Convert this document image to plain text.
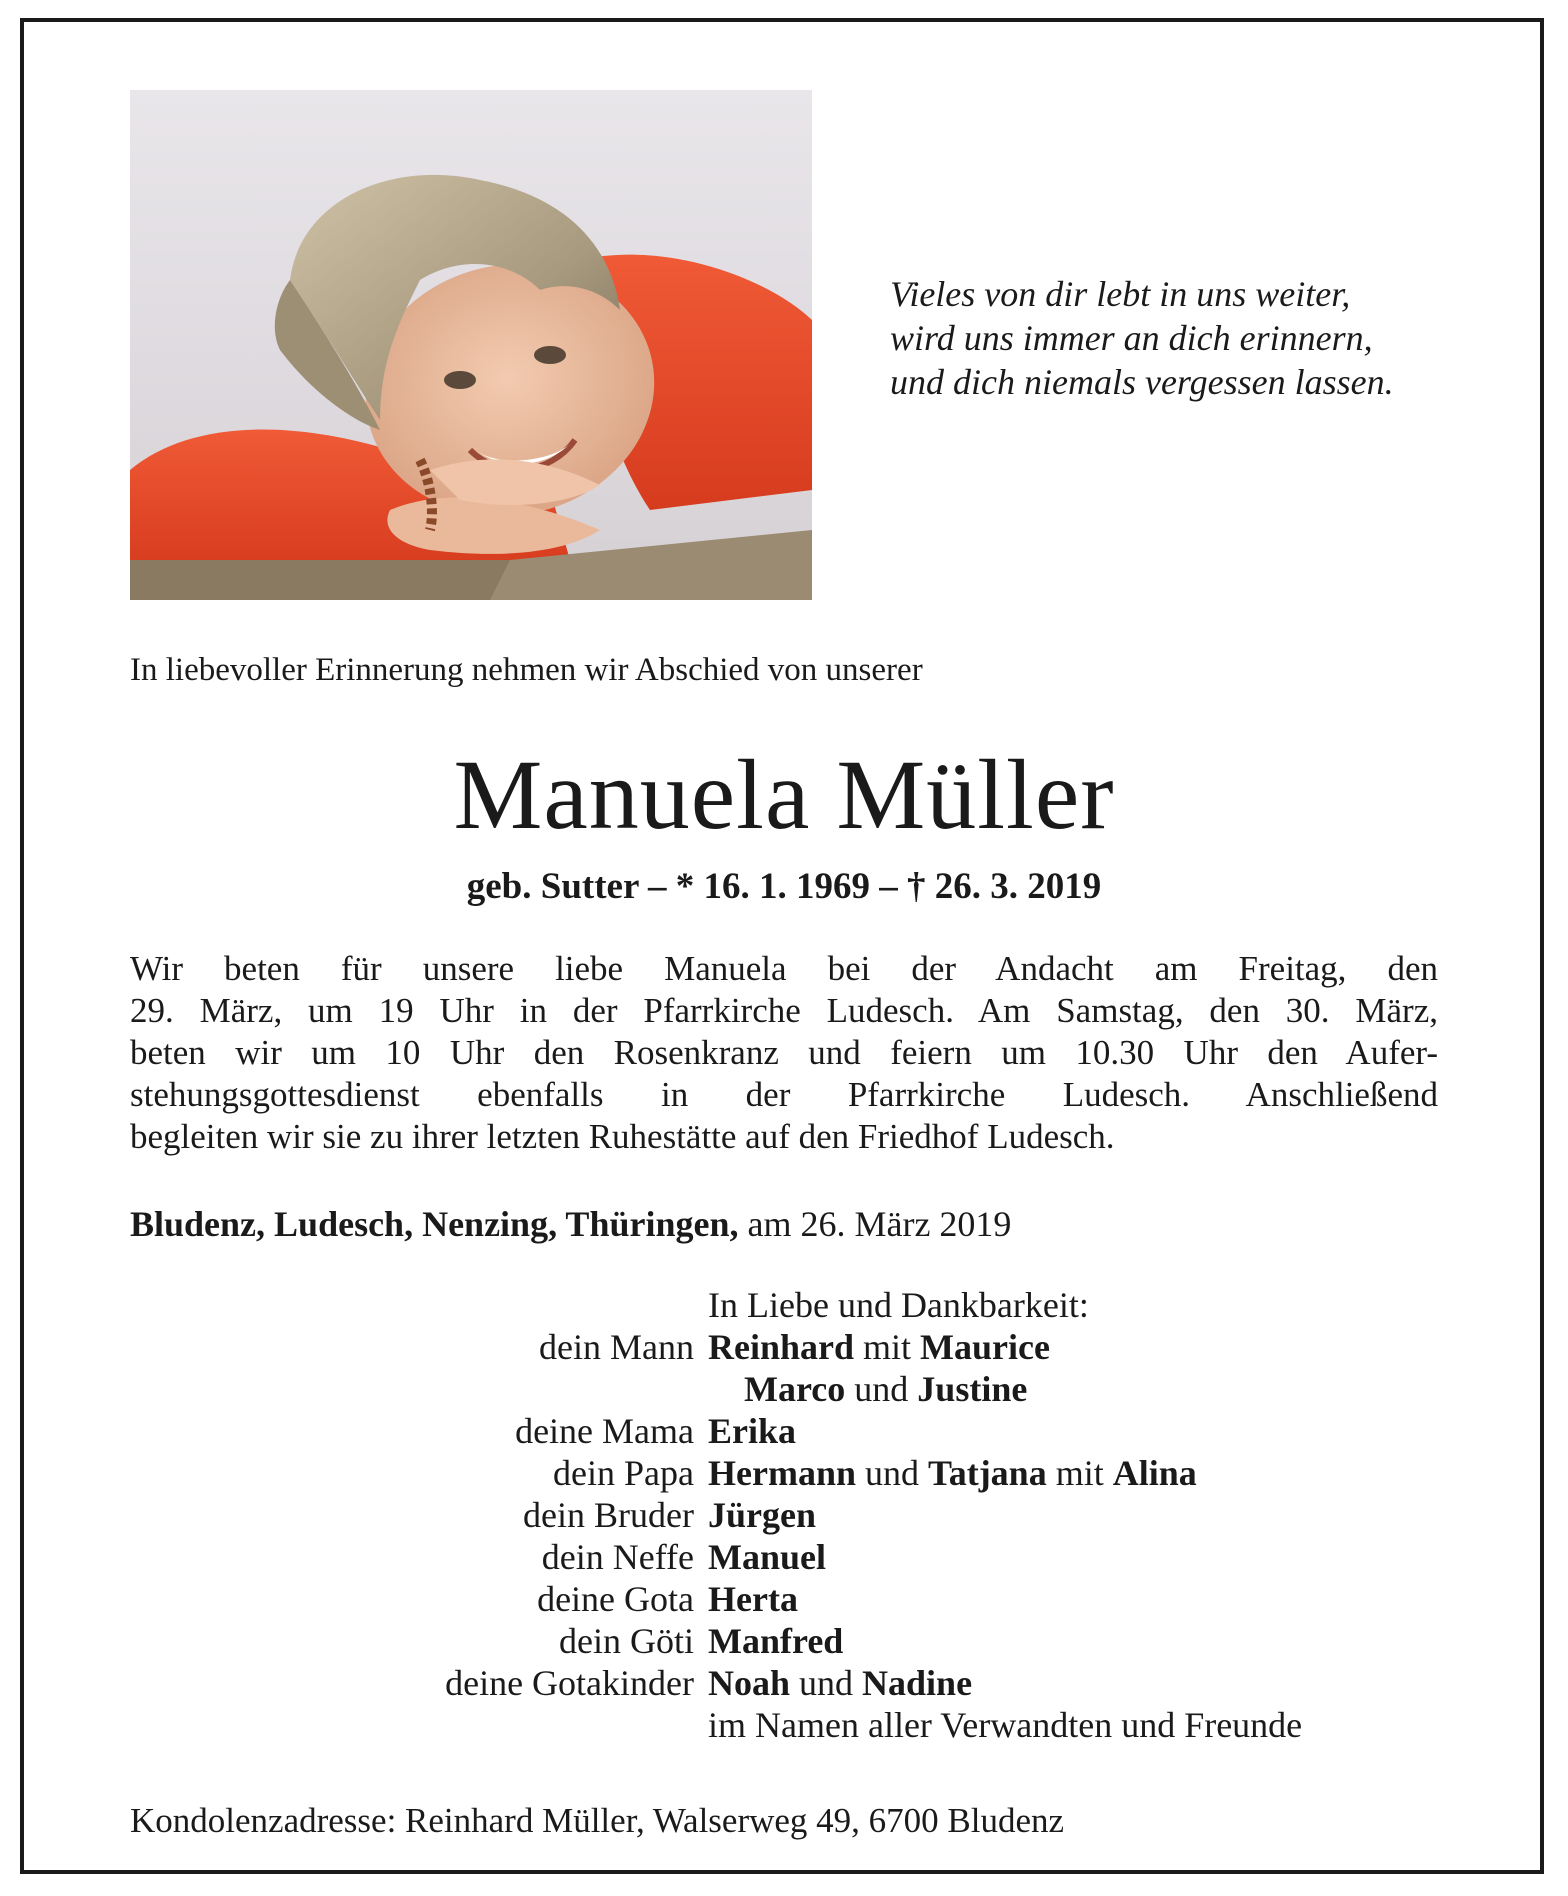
Vieles von dir lebt in uns weiter,
wird uns immer an dich erinnern,
und dich niemals vergessen lassen.
In liebevoller Erinnerung nehmen wir Abschied von unserer
Manuela Müller
geb. Sutter – * 16. 1. 1969 – † 26. 3. 2019
Wir beten für unsere liebe Manuela bei der Andacht am Freitag, den
29. März, um 19 Uhr in der Pfarrkirche Ludesch. Am Samstag, den 30. März,
beten wir um 10 Uhr den Rosenkranz und feiern um 10.30 Uhr den Aufer-
stehungsgottesdienst ebenfalls in der Pfarrkirche Ludesch. Anschließend
begleiten wir sie zu ihrer letzten Ruhestätte auf den Friedhof Ludesch.
Bludenz, Ludesch, Nenzing, Thüringen, am 26. März 2019
In Liebe und Dankbarkeit:
dein Mann Reinhard mit Maurice
Marco und Justine
deine Mama Erika
dein Papa Hermann und Tatjana mit Alina
dein Bruder Jürgen
dein Neffe Manuel
deine Gota Herta
dein Göti Manfred
deine Gotakinder Noah und Nadine
im Namen aller Verwandten und Freunde
Kondolenzadresse: Reinhard Müller, Walserweg 49, 6700 Bludenz
